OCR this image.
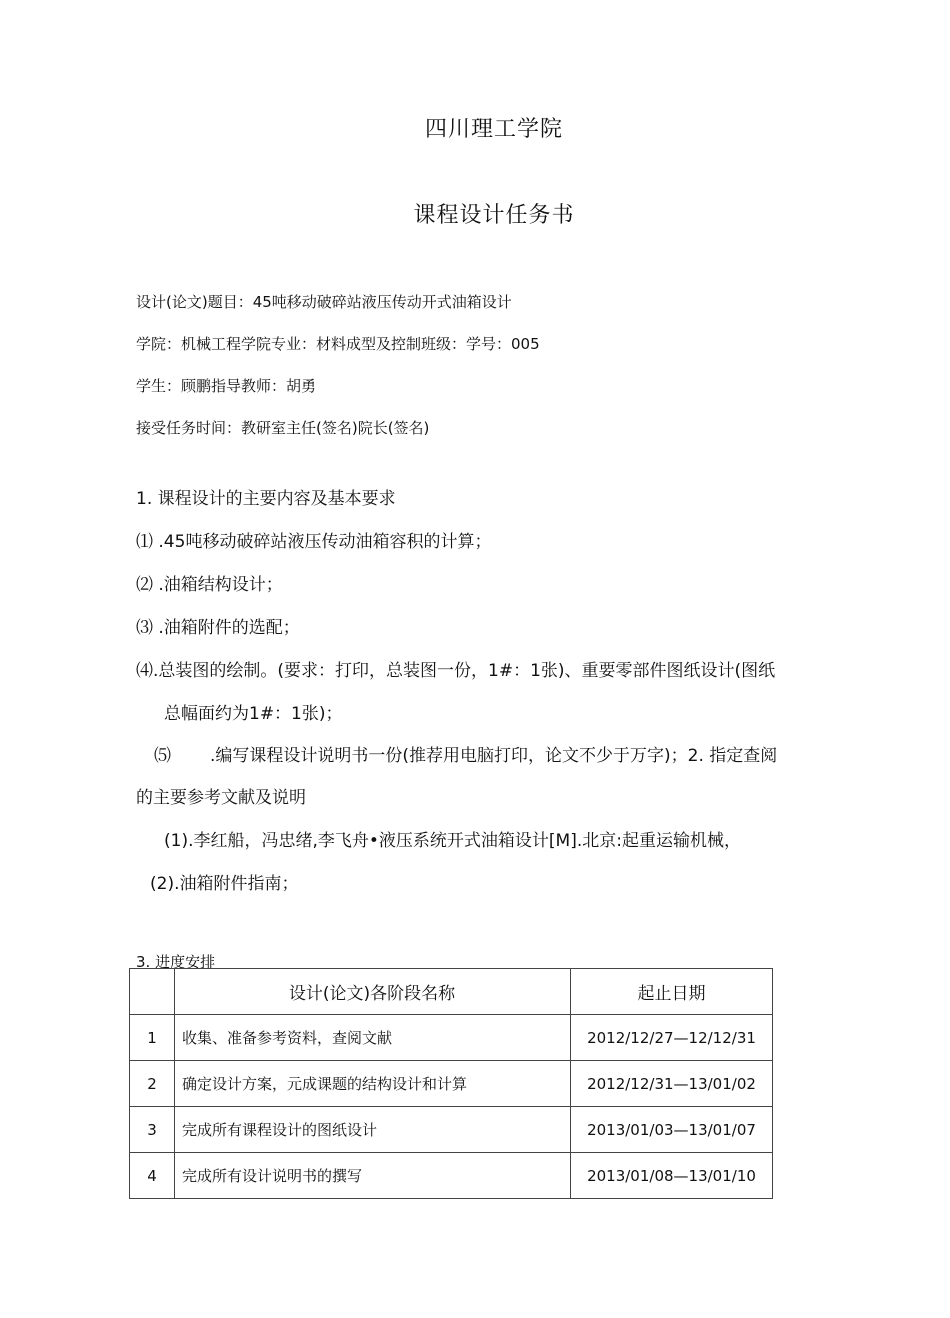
四川理工学院
课程设计任务书
设计(论文)题目：45吨移动破碎站液压传动开式油箱设计
学院：机械工程学院专业：材料成型及控制班级：学号：005
学生：顾鹏指导教师：胡勇
接受任务时间：教研室主任(签名)院长(签名)
1. 课程设计的主要内容及基本要求
⑴ .45吨移动破碎站液压传动油箱容积的计算；
⑵ .油箱结构设计；
⑶ .油箱附件的选配；
⑷.总装图的绘制。(要求：打印，总装图一份，1#：1张)、重要零部件图纸设计(图纸
总幅面约为1#：1张)；
⑸ .编写课程设计说明书一份(推荐用电脑打印，论文不少于万字)；2. 指定查阅
的主要参考文献及说明
(1).李红船，冯忠绪,李飞舟•液压系统开式油箱设计[M].北京:起重运输机械，
(2).油箱附件指南；
3. 进度安排
	设计(论文)各阶段名称	起止日期
1	收集、准备参考资料，查阅文献	2012/12/27—12/12/31
2	确定设计方案，元成课题的结构设计和计算	2012/12/31—13/01/02
3	完成所有课程设计的图纸设计	2013/01/03—13/01/07
4	完成所有设计说明书的撰写	2013/01/08—13/01/10
